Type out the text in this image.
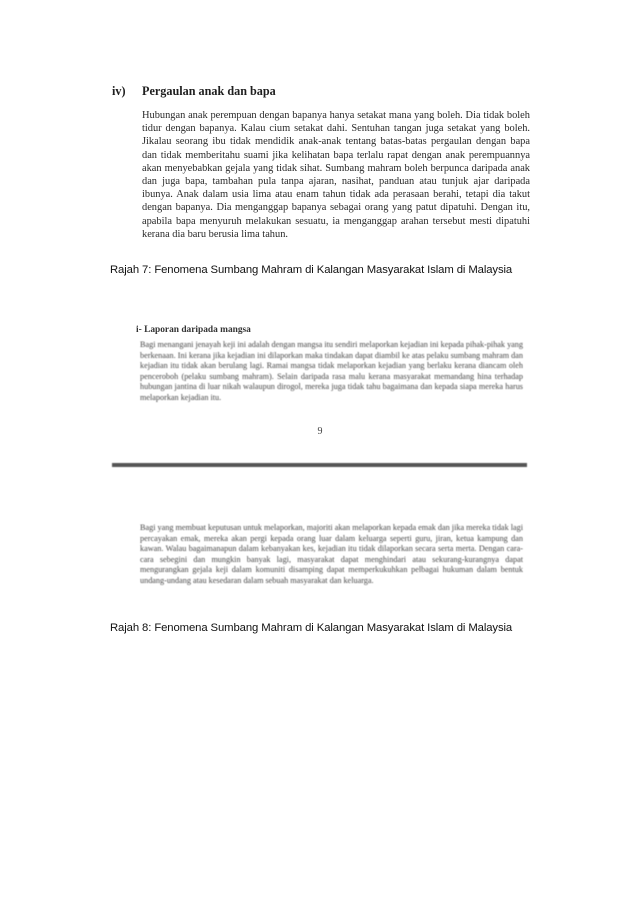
iv)	Pergaulan anak dan bapa
Hubungan anak perempuan dengan bapanya hanya setakat mana yang boleh. Dia tidak boleh tidur dengan bapanya. Kalau cium setakat dahi. Sentuhan tangan juga setakat yang boleh. Jikalau seorang ibu tidak mendidik anak-anak tentang batas-batas pergaulan dengan bapa dan tidak memberitahu suami jika kelihatan bapa terlalu rapat dengan anak perempuannya akan menyebabkan gejala yang tidak sihat. Sumbang mahram boleh berpunca daripada anak dan juga bapa, tambahan pula tanpa ajaran, nasihat, panduan atau tunjuk ajar daripada ibunya. Anak dalam usia lima atau enam tahun tidak ada perasaan berahi, tetapi dia takut dengan bapanya. Dia menganggap bapanya sebagai orang yang patut dipatuhi. Dengan itu, apabila bapa menyuruh melakukan sesuatu, ia menganggap arahan tersebut mesti dipatuhi kerana dia baru berusia lima tahun.
Rajah 7: Fenomena Sumbang Mahram di Kalangan Masyarakat Islam di Malaysia
i- Laporan daripada mangsa
Bagi menangani jenayah keji ini adalah dengan mangsa itu sendiri melaporkan kejadian ini kepada pihak-pihak yang berkenaan. Ini kerana jika kejadian ini dilaporkan maka tindakan dapat diambil ke atas pelaku sumbang mahram dan kejadian itu tidak akan berulang lagi. Ramai mangsa tidak melaporkan kejadian yang berlaku kerana diancam oleh penceroboh (pelaku sumbang mahram). Selain daripada rasa malu kerana masyarakat memandang hina terhadap hubungan jantina di luar nikah walaupun dirogol, mereka juga tidak tahu bagaimana dan kepada siapa mereka harus melaporkan kejadian itu.
9
Bagi yang membuat keputusan untuk melaporkan, majoriti akan melaporkan kepada emak dan jika mereka tidak lagi percayakan emak, mereka akan pergi kepada orang luar dalam keluarga seperti guru, jiran, ketua kampung dan kawan. Walau bagaimanapun dalam kebanyakan kes, kejadian itu tidak dilaporkan secara serta merta. Dengan cara-cara sebegini dan mungkin banyak lagi, masyarakat dapat menghindari atau sekurang-kurangnya dapat mengurangkan gejala keji dalam komuniti disamping dapat memperkukuhkan pelbagai hukuman dalam bentuk undang-undang atau kesedaran dalam sebuah masyarakat dan keluarga.
Rajah 8: Fenomena Sumbang Mahram di Kalangan Masyarakat Islam di Malaysia
